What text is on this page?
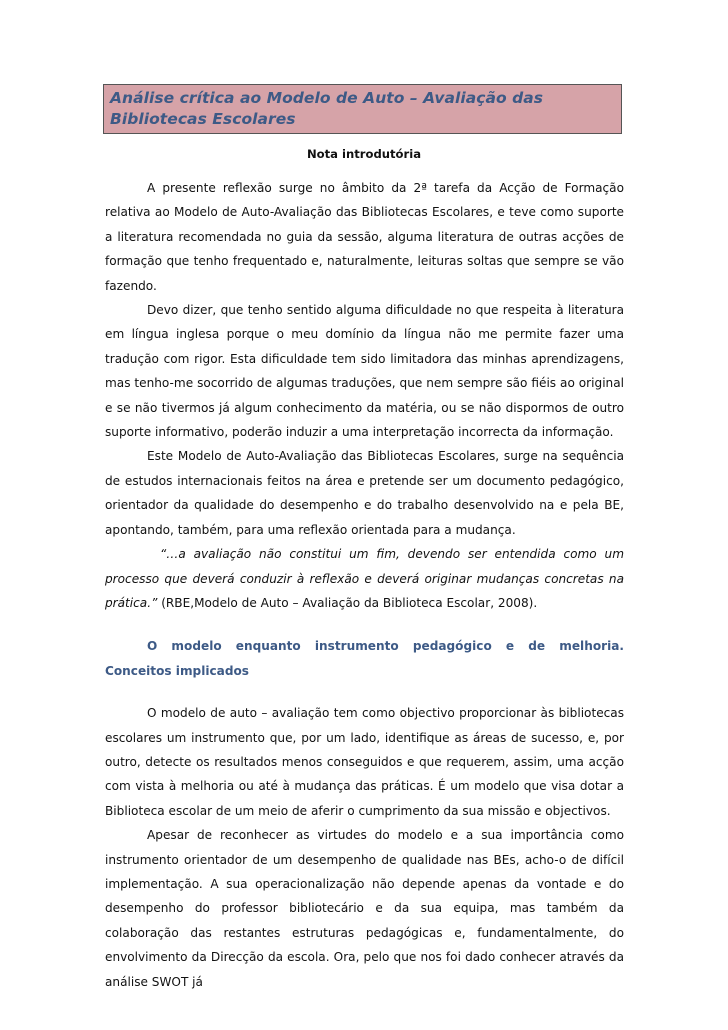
Análise crítica ao Modelo de Auto – Avaliação das Bibliotecas Escolares
Nota introdutória

A presente reflexão surge no âmbito da 2ª tarefa da Acção de Formação relativa ao Modelo de Auto-Avaliação das Bibliotecas Escolares, e teve como suporte a literatura recomendada no guia da sessão, alguma literatura de outras acções de formação que tenho frequentado e, naturalmente, leituras soltas que sempre se vão fazendo.

Devo dizer, que tenho sentido alguma dificuldade no que respeita à literatura em língua inglesa porque o meu domínio da língua não me permite fazer uma tradução com rigor. Esta dificuldade tem sido limitadora das minhas aprendizagens, mas tenho-me socorrido de algumas traduções, que nem sempre são fiéis ao original e se não tivermos já algum conhecimento da matéria, ou se não dispormos de outro suporte informativo, poderão induzir a uma interpretação incorrecta da informação.

Este Modelo de Auto-Avaliação das Bibliotecas Escolares, surge na sequência de estudos internacionais feitos na área e pretende ser um documento pedagógico, orientador da qualidade do desempenho e do trabalho desenvolvido na e pela BE, apontando, também, para uma reflexão orientada para a mudança.

“…a avaliação não constitui um fim, devendo ser entendida como um processo que deverá conduzir à reflexão e deverá originar mudanças concretas na prática.” (RBE,Modelo de Auto – Avaliação da Biblioteca Escolar, 2008).

O modelo enquanto instrumento pedagógico e de melhoria. Conceitos implicados

O modelo de auto – avaliação tem como objectivo proporcionar às bibliotecas escolares um instrumento que, por um lado, identifique as áreas de sucesso, e, por outro, detecte os resultados menos conseguidos e que requerem, assim, uma acção com vista à melhoria ou até à mudança das práticas. É um modelo que visa dotar a Biblioteca escolar de um meio de aferir o cumprimento da sua missão e objectivos.

Apesar de reconhecer as virtudes do modelo e a sua importância como instrumento orientador de um desempenho de qualidade nas BEs, acho-o de difícil implementação. A sua operacionalização não depende apenas da vontade e do desempenho do professor bibliotecário e da sua equipa, mas também da colaboração das restantes estruturas pedagógicas e, fundamentalmente, do envolvimento da Direcção da escola. Ora, pelo que nos foi dado conhecer através da análise SWOT já
